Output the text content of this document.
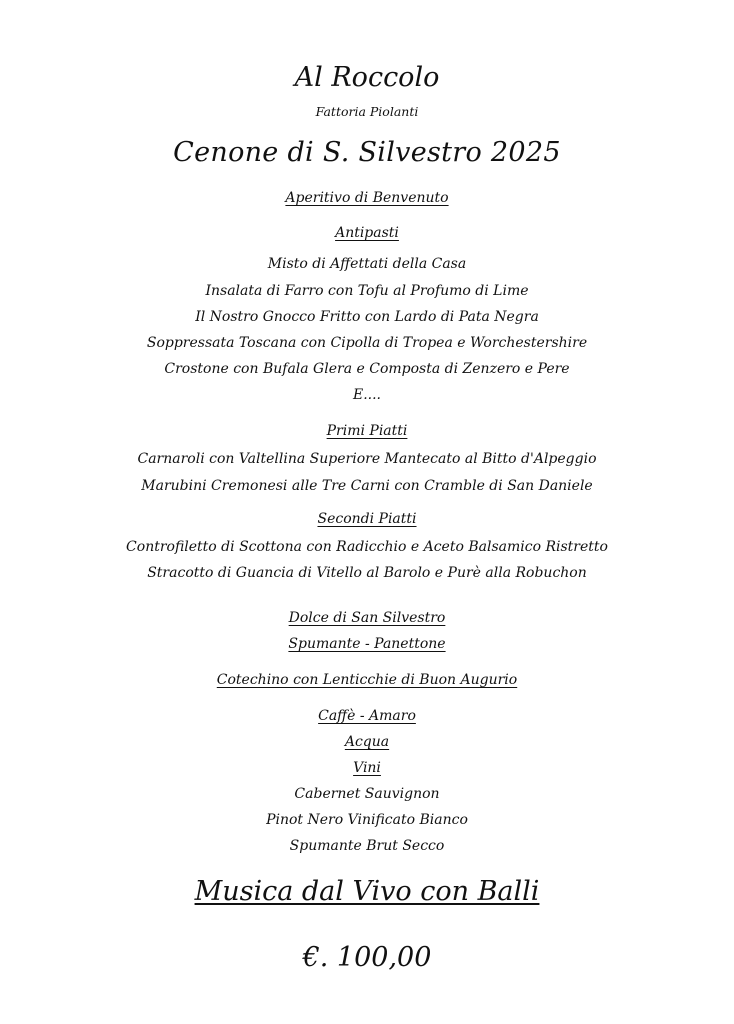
Al Roccolo
Fattoria Piolanti
Cenone di S. Silvestro 2025
Aperitivo di Benvenuto
Antipasti
Misto di Affettati della Casa
Insalata di Farro con Tofu al Profumo di Lime
Il Nostro Gnocco Fritto con Lardo di Pata Negra
Soppressata Toscana con Cipolla di Tropea e Worchestershire
Crostone con Bufala Glera e Composta di Zenzero e Pere
E....
Primi Piatti
Carnaroli con Valtellina Superiore Mantecato al Bitto d'Alpeggio
Marubini Cremonesi alle Tre Carni con Cramble di San Daniele
Secondi Piatti
Controfiletto di Scottona con Radicchio e Aceto Balsamico Ristretto
Stracotto di Guancia di Vitello al Barolo e Purè alla Robuchon
Dolce di San Silvestro
Spumante - Panettone
Cotechino con Lenticchie di Buon Augurio
Caffè - Amaro
Acqua
Vini
Cabernet Sauvignon
Pinot Nero Vinificato Bianco
Spumante Brut Secco
Musica dal Vivo con Balli
€. 100,00
